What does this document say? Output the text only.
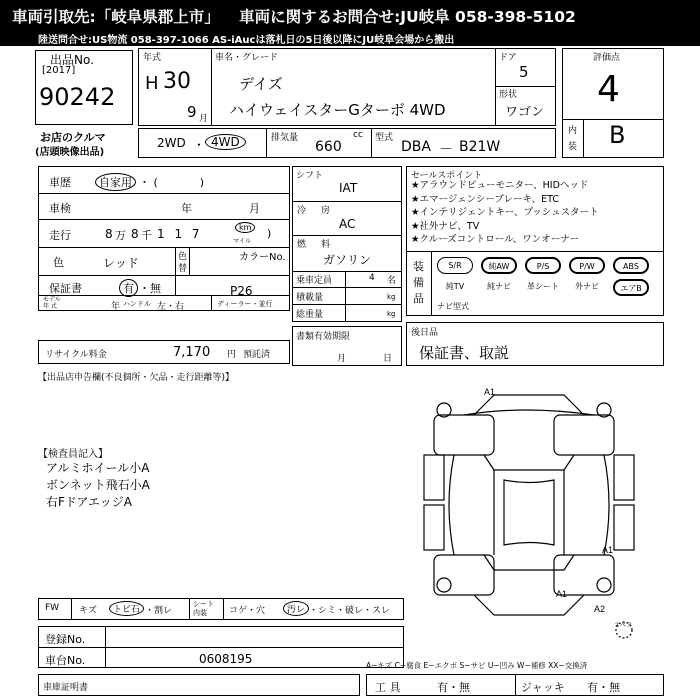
車両引取先:「岐阜県郡上市」 車両に関するお問合せ:JU岐阜 058-398-5102
陸送問合せ:US物流 058-397-1066 AS-iAucは落札日の5日後以降にJU岐阜会場から搬出
出品No.
[2017]
90242
お店のクルマ
(店頭映像出品)
年式
H 30
9 月
車名・グレード
デイズ
ハイウェイスターGターボ 4WD
ドア
5
形状
ワゴン
評価点
4
内
装 B
2WD ・ 4WD	排気量	cc
660
型式
DBA － B21W
車歴	自家用 ・ (            )
車検	年	月
走行	8 万 8 千 1 1 7	km
マイル
)
色	レッド	色
替
保証書	有 ・無
モデル
年 式	年 ハンドル 左・右	ディーラー・並行
カラーNo.
P26
シフト
IAT
冷 房
AC
燃 料
ガソリン
乗車定員	4 名
積載量	kg
総重量	kg
セールスポイント
★アラウンドビューモニター、HIDヘッド
★エマージェンシーブレーキ、ETC
★インテリジェントキー、プッシュスタート
★社外ナビ、TV
★クルーズコントロール、ワンオーナー
装
備
品
S/R	純AW	P/S	P/W	ABS
純TV	純ナビ	革シート	外ナビ	エアB
ナビ型式
リサイクル料金	7,170 円 預託済
書類有効期限
月	日
後日品
保証書、取説
【出品店申告欄(不良個所・欠品・走行距離等)】
【検査員記入】
アルミホイール小A
ボンネット飛石小A
右FドアエッジA
A1
A1
A1
A2
スペア
FW キズ	トビ石 ・割レ
シート
内装 コゲ・穴	汚レ ・シミ・破レ・スレ
登録No.
車台No.	0608195
車庫証明書
A−キズ C−腐食 E−エクボ S−サビ U−凹み W−補修 XX−交換済
工 具	有・無	ジャッキ 有・無
